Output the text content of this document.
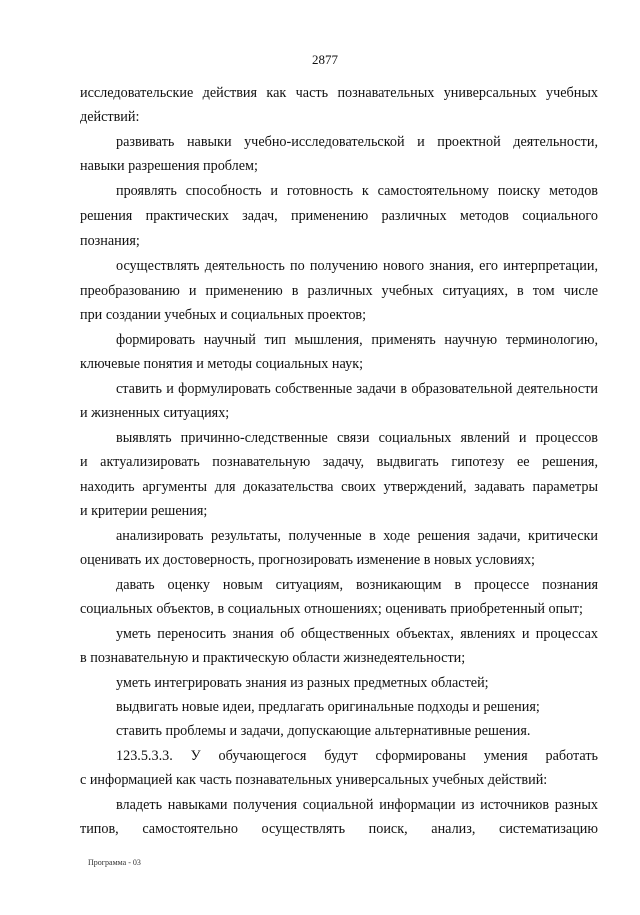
2877
исследовательские действия как часть познавательных универсальных учебных
действий:
развивать навыки учебно-исследовательской и проектной деятельности,
навыки разрешения проблем;
проявлять способность и готовность к самостоятельному поиску методов
решения практических задач, применению различных методов социального
познания;
осуществлять деятельность по получению нового знания, его интерпретации,
преобразованию и применению в различных учебных ситуациях, в том числе
при создании учебных и социальных проектов;
формировать научный тип мышления, применять научную терминологию,
ключевые понятия и методы социальных наук;
ставить и формулировать собственные задачи в образовательной деятельности
и жизненных ситуациях;
выявлять причинно-следственные связи социальных явлений и процессов
и актуализировать познавательную задачу, выдвигать гипотезу ее решения,
находить аргументы для доказательства своих утверждений, задавать параметры
и критерии решения;
анализировать результаты, полученные в ходе решения задачи, критически
оценивать их достоверность, прогнозировать изменение в новых условиях;
давать оценку новым ситуациям, возникающим в процессе познания
социальных объектов, в социальных отношениях; оценивать приобретенный опыт;
уметь переносить знания об общественных объектах, явлениях и процессах
в познавательную и практическую области жизнедеятельности;
уметь интегрировать знания из разных предметных областей;
выдвигать новые идеи, предлагать оригинальные подходы и решения;
ставить проблемы и задачи, допускающие альтернативные решения.
123.5.3.3. У обучающегося будут сформированы умения работать
с информацией как часть познавательных универсальных учебных действий:
владеть навыками получения социальной информации из источников разных
типов, самостоятельно осуществлять поиск, анализ, систематизацию
Программа - 03
